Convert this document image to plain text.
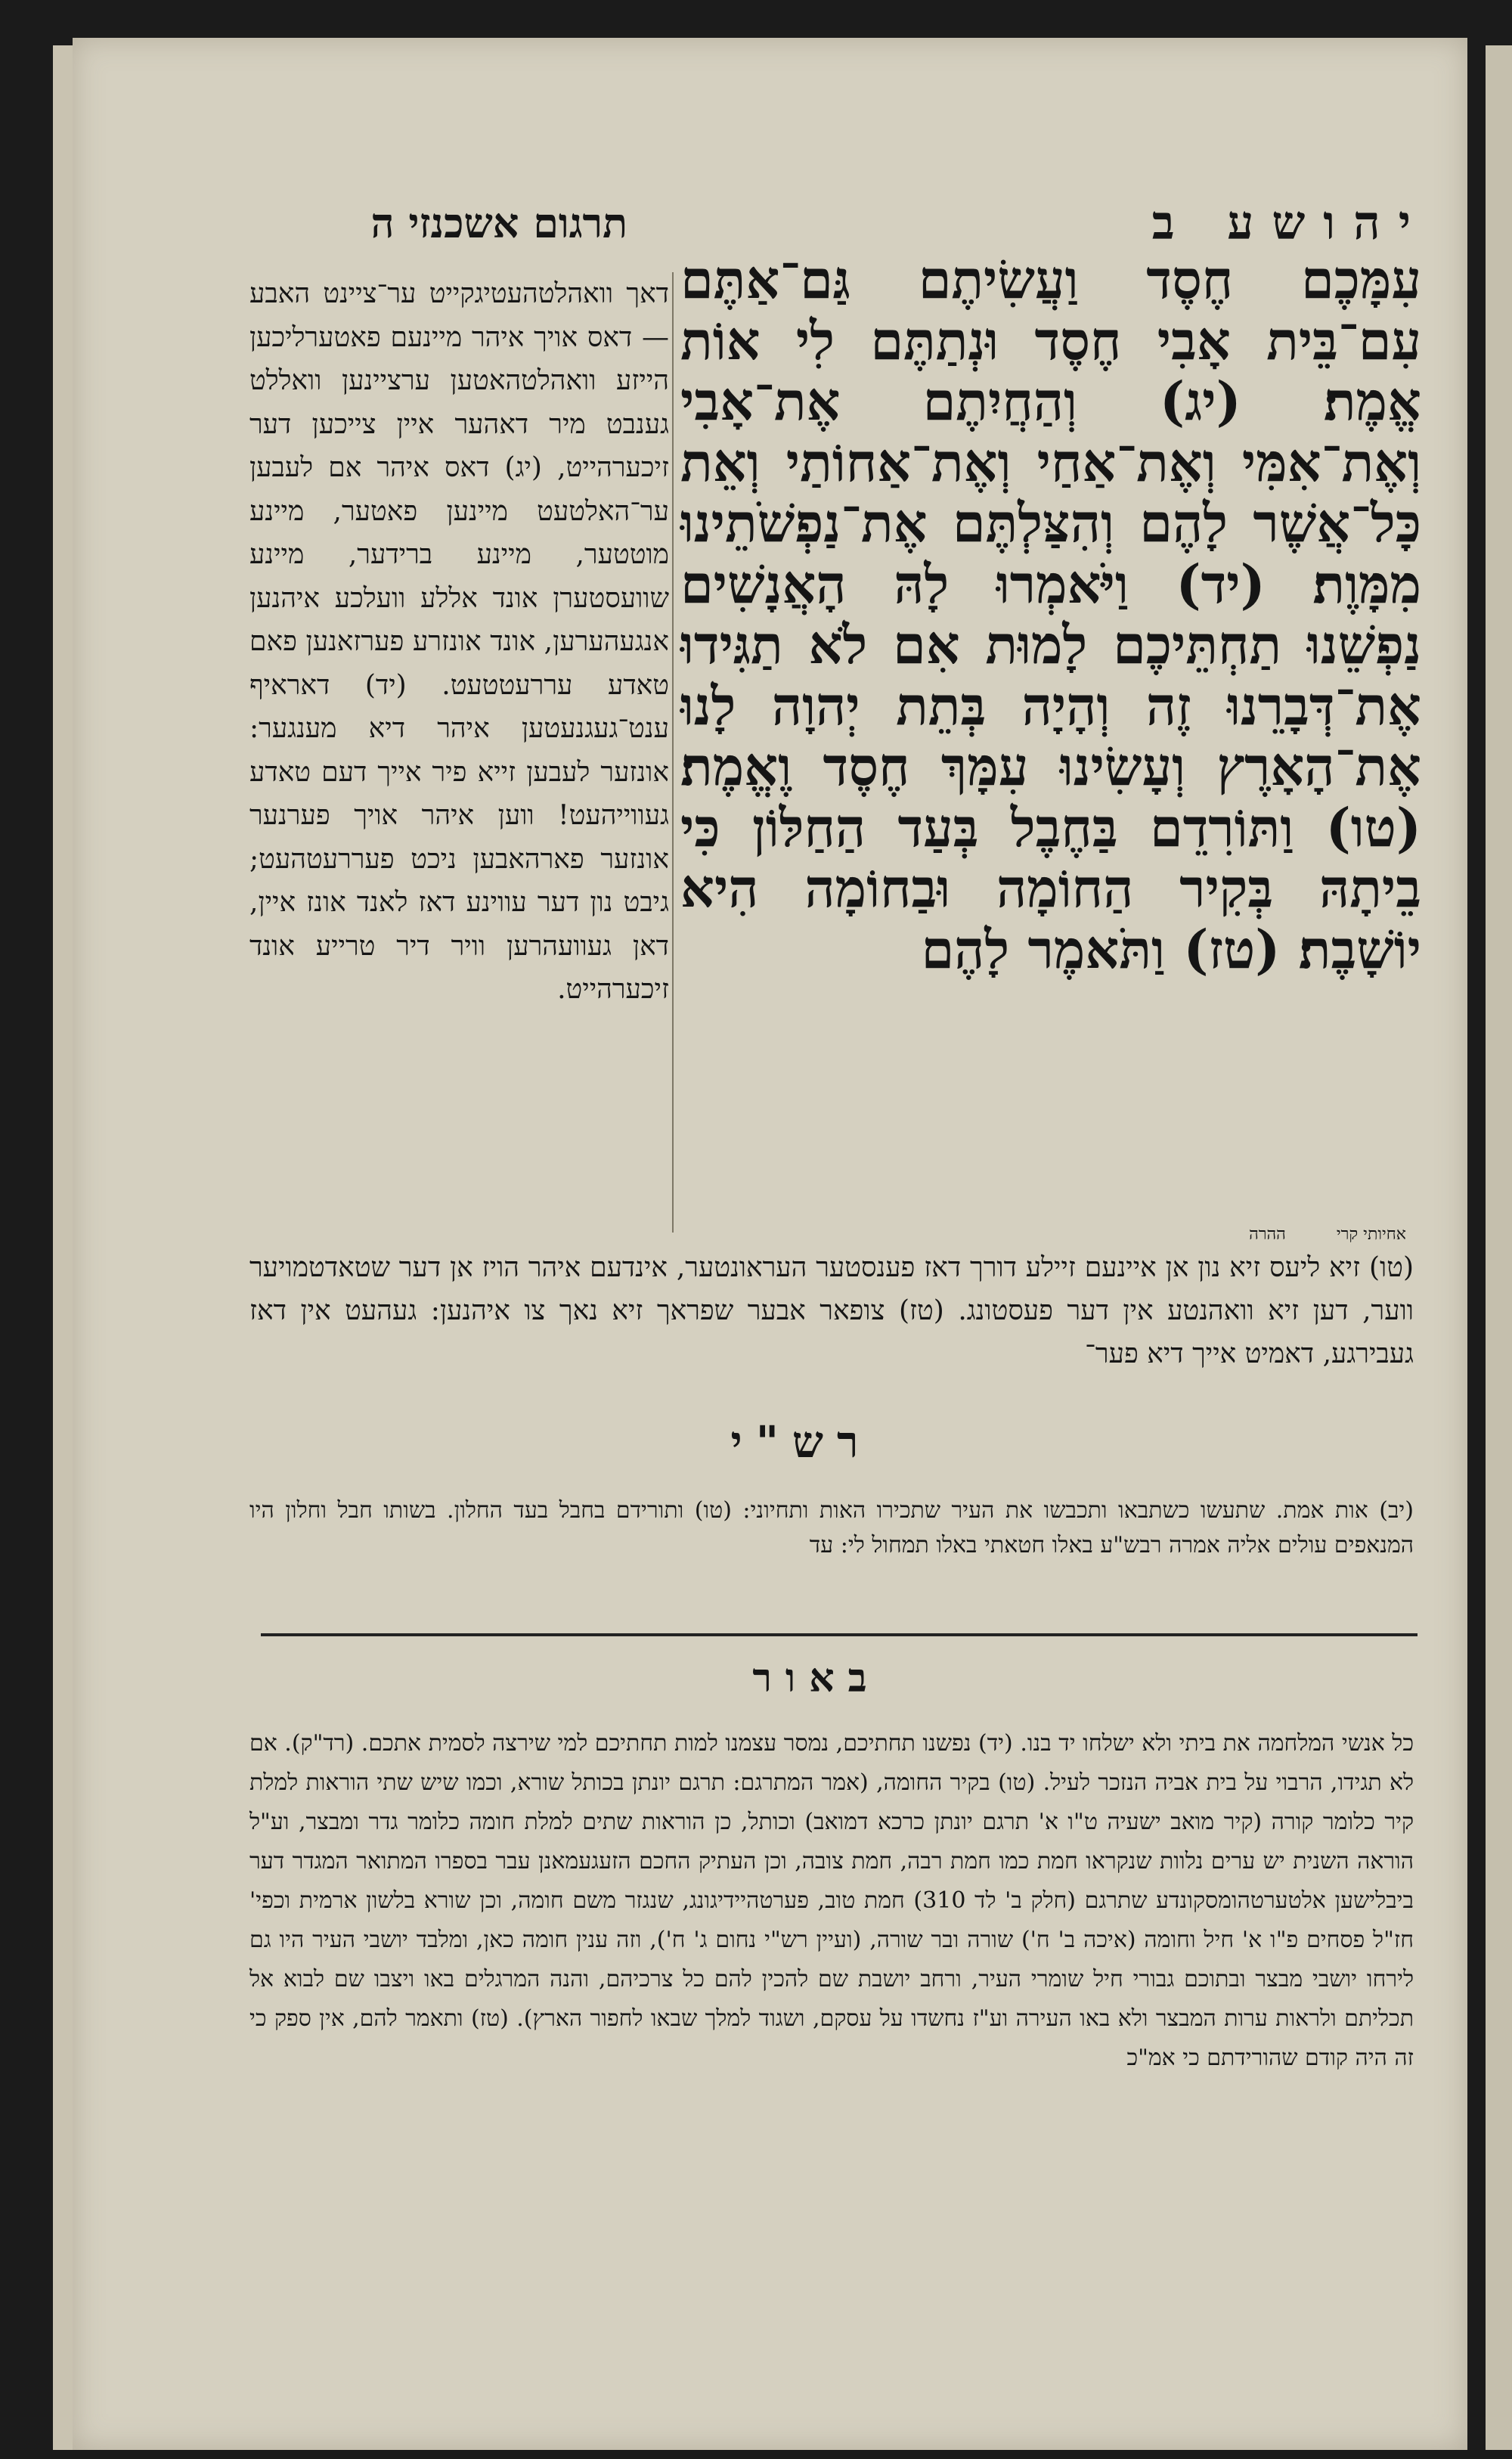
יהושע ב
תרגום אשכנזי ה
עִמָּכֶם חֶסֶד וַעֲשִׂיתֶם גַּם־אַתֶּם עִם־בֵּית אָבִי חֶסֶד וּנְתַתֶּם לִי אוֹת אֱמֶת׃ (יג) וְהַחֲיִתֶם אֶת־אָבִי וְאֶת־אִמִּי וְאֶת־אַחַי וְאֶת־אַחוֹתַי וְאֵת כָּל־אֲשֶׁר לָהֶם וְהִצַּלְתֶּם אֶת־נַפְשֹׁתֵינוּ מִמָּוֶת׃ (יד) וַיֹּאמְרוּ לָהּ הָאֲנָשִׁים נַפְשֵׁנוּ תַחְתֵּיכֶם לָמוּת אִם לֹא תַגִּידוּ אֶת־דְּבָרֵנוּ זֶה וְהָיָה בְּתֵת יְהוָה לָנוּ אֶת־הָאָרֶץ וְעָשִׂינוּ עִמָּךְ חֶסֶד וֶאֱמֶת׃ (טו) וַתּוֹרִדֵם בַּחֶבֶל בְּעַד הַחַלּוֹן כִּי בֵיתָהּ בְּקִיר הַחוֹמָה וּבַחוֹמָה הִיא יוֹשָׁבֶת׃ (טז) וַתֹּאמֶר לָהֶם
דאך וואהלטהעטיגקייט ער־ציינט האבע — דאס אויך איהר מיינעם פאטערליכען הייזע וואהלטהאטען ערציינען וואללט גענבט מיר דאהער איין צייכען דער זיכערהייט, (יג) דאס איהר אם לעבען ער־האלטעט מיינען פאטער, מיינע מוטטער, מיינע ברידער, מיינע שוועסטערן אונד אללע וועלכע איהנען אנגעהערען, אונד אונזרע פערזאנען פאם טאדע עררעטטעט. (יד) דאראיף ענט־געגנעטען איהר דיא מענגער: אונזער לעבען זייא פיר אייך דעם טאדע געווייהעט! ווען איהר אויך פערנער אונזער פארהאבען ניכט פעררעטהעט; גיבט נון דער עווינע דאז לאנד אונז איין, דאן געוועהרען וויר דיר טרייע אונד זיכערהייט.
אחיותי קרי ההרה
(טו) זיא ליעס זיא נון אן איינעם זיילע דורך דאז פענסטער העראונטער, אינדעם איהר הויז אן דער שטאדטמויער ווער, דען זיא וואהנטע אין דער פעסטונג. (טז) צופאר אבער שפראך זיא נאך צו איהנען: געהעט אין דאז געבירגע, דאמיט אייך דיא פער־
רש"י
(יב) אות אמת. שתעשו כשתבאו ותכבשו את העיר שתכירו האות ותחיוני: (טו) ותורידם בחבל בעד החלון. בשותו חבל וחלון היו המנאפים עולים אליה אמרה רבש"ע באלו חטאתי באלו תמחול לי: עד
באור
כל אנשי המלחמה את ביתי ולא ישלחו יד בנו. (יד) נפשנו תחתיכם, נמסר עצמנו למות תחתיכם למי שירצה לסמית אתכם. (רד"ק). אם לא תגידו, הרבוי על בית אביה הנזכר לעיל. (טו) בקיר החומה, (אמר המתרגם: תרגם יונתן בכותל שורא, וכמו שיש שתי הוראות למלת קיר כלומר קורה (קיר מואב ישעיה ט"ו א' תרגם יונתן כרכא דמואב) וכותל, כן הוראות שתים למלת חומה כלומר גדר ומבצר, וע"ל הוראה השנית יש ערים נלוות שנקראו חמת כמו חמת רבה, חמת צובה, וכן העתיק החכם הזעגעמאנן עבר בספרו המתואר המגדר דער ביבלישען אלטערטהומסקונדע שתרגם (חלק ב' לד 310) חמת טוב, פערטהיידיגונג, שנגזר משם חומה, וכן שורא בלשון ארמית וכפי' חז"ל פסחים פ"ו א' חיל וחומה (איכה ב' ח') שורה ובר שורה, (ועיין רש"י נחום ג' ח'), וזה ענין חומה כאן, ומלבד יושבי העיר היו גם לירחו יושבי מבצר ובתוכם גבורי חיל שומרי העיר, ורחב יושבת שם להכין להם כל צרכיהם, והנה המרגלים באו ויצבו שם לבוא אל תכליתם ולראות ערות המבצר ולא באו העירה וע"ז נחשדו על עסקם, ושגוד למלך שבאו לחפור הארץ). (טז) ותאמר להם, אין ספק כי זה היה קודם שהורידתם כי אמ"כ
